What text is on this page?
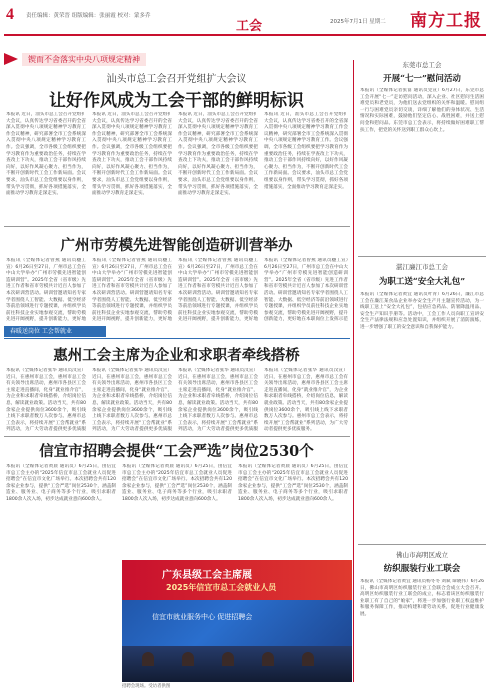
4 责任编辑：黄荣晋 组版编辑：张丽霞 校对：蒙多乔
工会	2025年7月1日 星期二 南方工报
锲而不舍落实中央八项规定精神
汕头市总工会召开党组扩大会议
让好作风成为工会干部的鲜明标识
本报讯 近日，汕头市总工会召开党组扩大会议，认真传达学习省委召开的全省深入贯彻中央八项规定精神学习教育工作会议精神，研究部署全市工会系统深入贯彻中央八项规定精神学习教育工作。会议强调，全市各级工会组织要把学习教育作为重要政治任务，持续在学查改上下功夫，推动工会干部作风持续向好，以好作风凝心聚力、担当作为，不断开创新时代工会工作新局面。会议要求，汕头市总工会党组要以身作则，带头学习贯彻，抓好各项措施落实，全面推动学习教育走深走实。
本报讯 近日，汕头市总工会召开党组扩大会议，认真传达学习省委召开的全省深入贯彻中央八项规定精神学习教育工作会议精神，研究部署全市工会系统深入贯彻中央八项规定精神学习教育工作。会议强调，全市各级工会组织要把学习教育作为重要政治任务，持续在学查改上下功夫，推动工会干部作风持续向好，以好作风凝心聚力、担当作为，不断开创新时代工会工作新局面。会议要求，汕头市总工会党组要以身作则，带头学习贯彻，抓好各项措施落实，全面推动学习教育走深走实。
本报讯 近日，汕头市总工会召开党组扩大会议，认真传达学习省委召开的全省深入贯彻中央八项规定精神学习教育工作会议精神，研究部署全市工会系统深入贯彻中央八项规定精神学习教育工作。会议强调，全市各级工会组织要把学习教育作为重要政治任务，持续在学查改上下功夫，推动工会干部作风持续向好，以好作风凝心聚力、担当作为，不断开创新时代工会工作新局面。会议要求，汕头市总工会党组要以身作则，带头学习贯彻，抓好各项措施落实，全面推动学习教育走深走实。
本报讯 近日，汕头市总工会召开党组扩大会议，认真传达学习省委召开的全省深入贯彻中央八项规定精神学习教育工作会议精神，研究部署全市工会系统深入贯彻中央八项规定精神学习教育工作。会议强调，全市各级工会组织要把学习教育作为重要政治任务，持续在学查改上下功夫，推动工会干部作风持续向好，以好作风凝心聚力、担当作为，不断开创新时代工会工作新局面。会议要求，汕头市总工会党组要以身作则，带头学习贯彻，抓好各项措施落实，全面推动学习教育走深走实。
广州市劳模先进智能创造研训营举办
本报讯（全媒体记者曾燕 通讯员穗工宣）6月26日至27日，广州市总工会在中山大学举办“广州市劳模先进智能创造研训营”。2025年全省（省市级）先进工作者和省市劳模共计近百人参加了本次研训营活动。研训营邀请知名专家学者围绕人工智能、大数据、低空经济等前沿领域进行专题授课，并组织学员前往科技企业实地参观交流，帮助劳模先进开阔视野，提升创新能力，更好地
本报讯（全媒体记者曾燕 通讯员穗工宣）6月26日至27日，广州市总工会在中山大学举办“广州市劳模先进智能创造研训营”。2025年全省（省市级）先进工作者和省市劳模共计近百人参加了本次研训营活动。研训营邀请知名专家学者围绕人工智能、大数据、低空经济等前沿领域进行专题授课，并组织学员前往科技企业实地参观交流，帮助劳模先进开阔视野，提升创新能力，更好地
本报讯（全媒体记者曾燕 通讯员穗工宣）6月26日至27日，广州市总工会在中山大学举办“广州市劳模先进智能创造研训营”。2025年全省（省市级）先进工作者和省市劳模共计近百人参加了本次研训营活动。研训营邀请知名专家学者围绕人工智能、大数据、低空经济等前沿领域进行专题授课，并组织学员前往科技企业实地参观交流，帮助劳模先进开阔视野，提升创新能力，更好地
本报讯（全媒体记者曾燕 通讯员穗工宣）6月26日至27日，广州市总工会在中山大学举办“广州市劳模先进智能创造研训营”。2025年全省（省市级）先进工作者和省市劳模共计近百人参加了本次研训营活动。研训营邀请知名专家学者围绕人工智能、大数据、低空经济等前沿领域进行专题授课，并组织学员前往科技企业实地参观交流，帮助劳模先进开阔视野，提升创新能力，更好地在本职岗位上发挥示范
春暖送岗位 工会帮就业
惠州工会主席为企业和求职者牵线搭桥
本报讯（全媒体记者张华 通讯员汶宣）近日，在惠州市总工会，惠州市总工会有关领导出席活动，惠州市各县区工会主席走进直播间，化身“就业推介官”，为企业和求职者牵线搭桥，介绍岗位信息，解读就业政策。活动当天，共有80余家企业提供岗位3600余个，吸引线上线下求职者数万人次参与。惠州市总工会表示，将持续开展“工会帮就业”系列活动，为广大劳动者提供更多优质服
本报讯（全媒体记者张华 通讯员汶宣）近日，在惠州市总工会，惠州市总工会有关领导出席活动，惠州市各县区工会主席走进直播间，化身“就业推介官”，为企业和求职者牵线搭桥，介绍岗位信息，解读就业政策。活动当天，共有80余家企业提供岗位3600余个，吸引线上线下求职者数万人次参与。惠州市总工会表示，将持续开展“工会帮就业”系列活动，为广大劳动者提供更多优质服
本报讯（全媒体记者张华 通讯员汶宣）近日，在惠州市总工会，惠州市总工会有关领导出席活动，惠州市各县区工会主席走进直播间，化身“就业推介官”，为企业和求职者牵线搭桥，介绍岗位信息，解读就业政策。活动当天，共有80余家企业提供岗位3600余个，吸引线上线下求职者数万人次参与。惠州市总工会表示，将持续开展“工会帮就业”系列活动，为广大劳动者提供更多优质服
本报讯（全媒体记者张华 通讯员汶宣）近日，在惠州市总工会，惠州市总工会有关领导出席活动，惠州市各县区工会主席走进直播间，化身“就业推介官”，为企业和求职者牵线搭桥，介绍岗位信息，解读就业政策。活动当天，共有80余家企业提供岗位3600余个，吸引线上线下求职者数万人次参与。惠州市总工会表示，将持续开展“工会帮就业”系列活动，为广大劳动者提供更多优质服务。
信宜市招聘会提供“工会严选”岗位2530个
本报讯（全媒体记者黄晨 通讯员）6月25日，由信宜市总工会主办的“2025年信宜市总工会就业人员促进招聘会”在信宜市文化广场举行。本次招聘会共有120余家企业参与，提供“工会严选”岗位2530个，涵盖制造业、服务业、电子商务等多个行业，吸引求职者1800余人次入场，初步达成就业意向600余人。
本报讯（全媒体记者黄晨 通讯员）6月25日，由信宜市总工会主办的“2025年信宜市总工会就业人员促进招聘会”在信宜市文化广场举行。本次招聘会共有120余家企业参与，提供“工会严选”岗位2530个，涵盖制造业、服务业、电子商务等多个行业，吸引求职者1800余人次入场，初步达成就业意向600余人。
本报讯（全媒体记者黄晨 通讯员）6月25日，由信宜市总工会主办的“2025年信宜市总工会就业人员促进招聘会”在信宜市文化广场举行。本次招聘会共有120余家企业参与，提供“工会严选”岗位2530个，涵盖制造业、服务业、电子商务等多个行业，吸引求职者1800余人次入场，初步达成就业意向600余人。
广东县级工会主席展
2025年信宜市总工会就业人员
信宜市就业服务中心 促进招聘会
招聘会现场。受访者供图
东莞市总工会
开展“七一”慰问活动
本报讯（全媒体记者张富 通讯员莞宣）6月27日，东莞市总工会开展“七一”走访慰问活动，深入企业、社区慰问生活困难党员和老党员，为他们送去党组织的关怀和温暖。慰问组一行与困难党员亲切交谈，详细了解他们的身体状况、生活情况和实际困难，鼓励他们坚定信心、战胜困难，并送上慰问金和慰问品。东莞市总工会表示，将持续做好困难职工帮扶工作，把党的关怀送到职工群众心坎上。
湛江廉江市总工会
为职工送“安全大礼包”
本报讯（全媒体记者黄宜 通讯员叶青）6月26日，廉江市总工会在廉江某食品企业举办安全生产月主题宣传活动，为一线职工送上“安全大礼包”，包括应急药品、防暑降温用品、安全生产知识手册等。活动中，工会工作人员向职工宣讲安全生产法律法规和应急处置知识，并组织开展了消防演练，进一步增强了职工的安全意识和自我保护能力。
佛山市高明区成立
纺织服装行业工联会
本报讯（全媒体记者黄宜 通讯员杨冬冬 刘斌 谭晓伟）6月26日，佛山市高明区纺织服装行业工会联合会成立大会召开。高明区纺织服装行业工联会的成立，标志着该区纺织服装行业职工有了自己的“娘家”，将进一步加强行业职工权益维护和服务保障工作，推动构建和谐劳动关系，促进行业健康发展。
